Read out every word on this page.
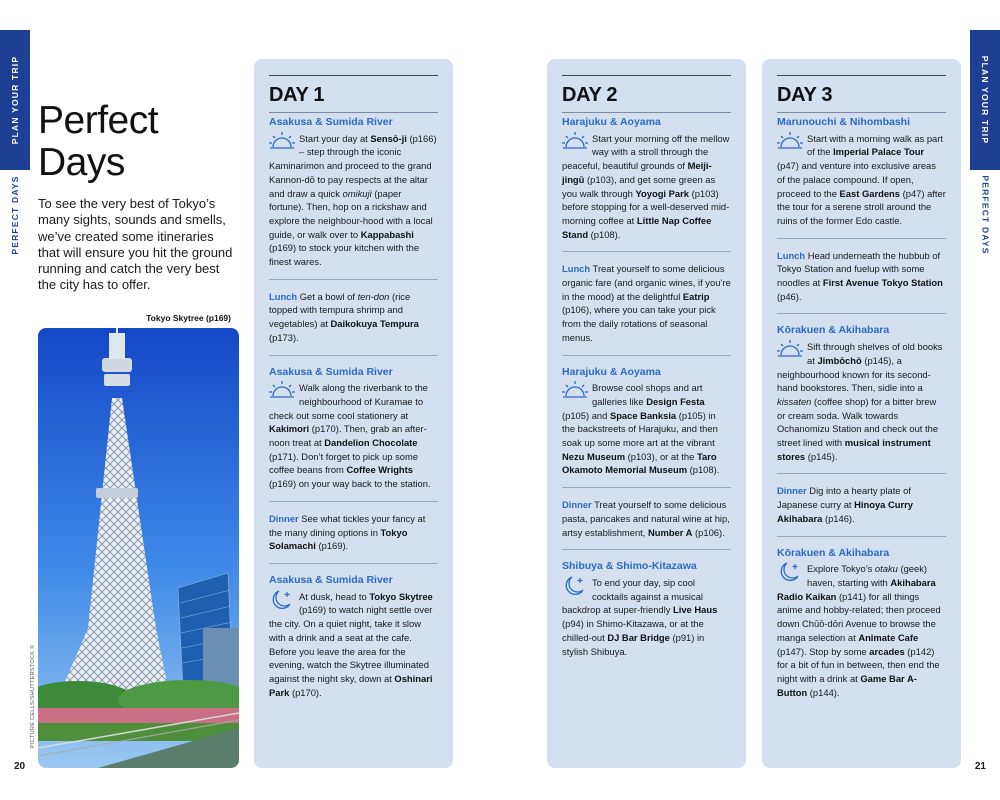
PLAN YOUR TRIP
PERFECT DAYS
PLAN YOUR TRIP
PERFECT DAYS
Perfect
Days

To see the very best of Tokyo’s many sights, sounds and smells, we’ve created some itineraries that will ensure you hit the ground running and catch the very best the city has to offer.

Tokyo Skytree (p169)
PICTURE CELLS/SHUTTERSTOCK ©
DAY 1
Asakusa & Sumida River

Start your day at Sensō-ji (p166) – step through the iconic Kaminarimon and proceed to the grand Kannon-dō to pay respects at the altar and draw a quick omikuji (paper fortune). Then, hop on a rickshaw and explore the neighbour-hood with a local guide, or walk over to Kappabashi (p169) to stock your kitchen with the finest wares.

Lunch Get a bowl of ten-don (rice topped with tempura shrimp and vegetables) at Daikokuya Tempura (p173).

Asakusa & Sumida River

Walk along the riverbank to the neighbourhood of Kuramae to check out some cool stationery at Kakimori (p170). Then, grab an after-noon treat at Dandelion Chocolate (p171). Don’t forget to pick up some coffee beans from Coffee Wrights (p169) on your way back to the station.

Dinner See what tickles your fancy at the many dining options in Tokyo Solamachi (p169).

Asakusa & Sumida River

At dusk, head to Tokyo Skytree (p169) to watch night settle over the city. On a quiet night, take it slow with a drink and a seat at the cafe. Before you leave the area for the evening, watch the Skytree illuminated against the night sky, down at Oshinari Park (p170).

DAY 2
Harajuku & Aoyama

Start your morning off the mellow way with a stroll through the peaceful, beautiful grounds of Meiji-jingū (p103), and get some green as you walk through Yoyogi Park (p103) before stopping for a well-deserved mid-morning coffee at Little Nap Coffee Stand (p108).

Lunch Treat yourself to some delicious organic fare (and organic wines, if you’re in the mood) at the delightful Eatrip (p106), where you can take your pick from the daily rotations of seasonal menus.

Harajuku & Aoyama

Browse cool shops and art galleries like Design Festa (p105) and Space Banksia (p105) in the backstreets of Harajuku, and then soak up some more art at the vibrant Nezu Museum (p103), or at the Taro Okamoto Memorial Museum (p108).

Dinner Treat yourself to some delicious pasta, pancakes and natural wine at hip, artsy establishment, Number A (p106).

Shibuya & Shimo-Kitazawa

To end your day, sip cool cocktails against a musical backdrop at super-friendly Live Haus (p94) in Shimo-Kitazawa, or at the chilled-out DJ Bar Bridge (p91) in stylish Shibuya.

DAY 3
Marunouchi & Nihombashi

Start with a morning walk as part of the Imperial Palace Tour (p47) and venture into exclusive areas of the palace compound. If open, proceed to the East Gardens (p47) after the tour for a serene stroll around the ruins of the former Edo castle.

Lunch Head underneath the hubbub of Tokyo Station and fuelup with some noodles at First Avenue Tokyo Station (p46).

Kōrakuen & Akihabara

Sift through shelves of old books at Jimbōchō (p145), a neighbourhood known for its second-hand bookstores. Then, sidle into a kissaten (coffee shop) for a bitter brew or cream soda. Walk towards Ochanomizu Station and check out the street lined with musical instrument stores (p145).

Dinner Dig into a hearty plate of Japanese curry at Hinoya Curry Akihabara (p146).

Kōrakuen & Akihabara

Explore Tokyo’s otaku (geek) haven, starting with Akihabara Radio Kaikan (p141) for all things anime and hobby-related; then proceed down Chūō-dōri Avenue to browse the manga selection at Animate Cafe (p147). Stop by some arcades (p142) for a bit of fun in between, then end the night with a drink at Game Bar A-Button (p144).

20	21
